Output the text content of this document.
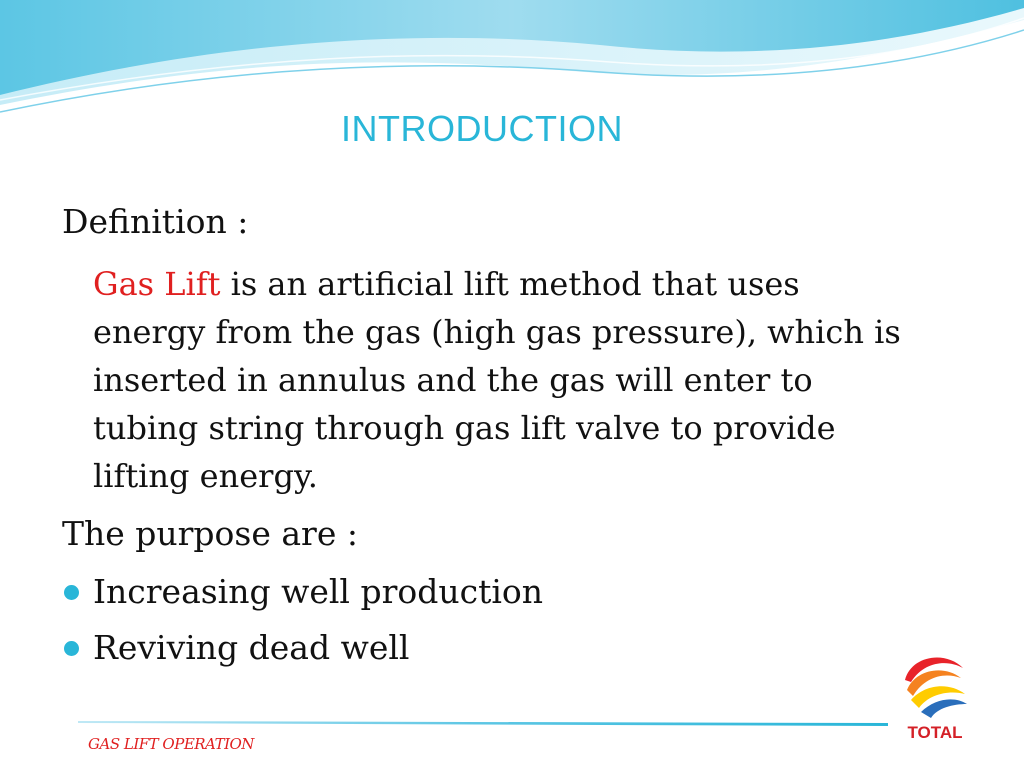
INTRODUCTION
Definition :
Gas Lift is an artificial lift method that uses energy from the gas (high gas pressure), which is inserted in annulus and the gas will enter to tubing string through gas lift valve to provide lifting energy.
The purpose are :
Increasing well production
Reviving dead well
GAS LIFT OPERATION
TOTAL
